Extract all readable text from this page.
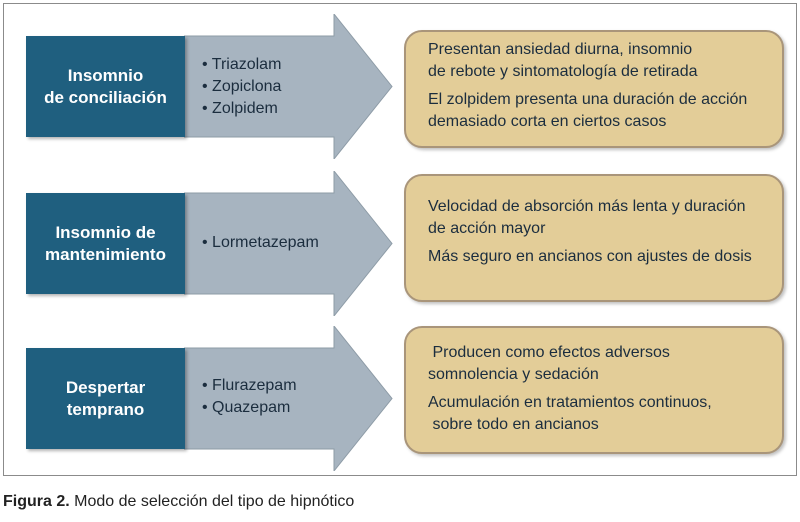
Insomnio
de conciliación
• Triazolam
• Zopiclona
• Zolpidem

Presentan ansiedad diurna, insomnio
de rebote y sintomatología de retirada

El zolpidem presenta una duración de acción
demasiado corta en ciertos casos

Insomnio de
mantenimiento
• Lormetazepam

Velocidad de absorción más lenta y duración
de acción mayor

Más seguro en ancianos con ajustes de dosis

Despertar
temprano
• Flurazepam
• Quazepam

Producen como efectos adversos
somnolencia y sedación

Acumulación en tratamientos continuos,
sobre todo en ancianos

Figura 2. Modo de selección del tipo de hipnótico
